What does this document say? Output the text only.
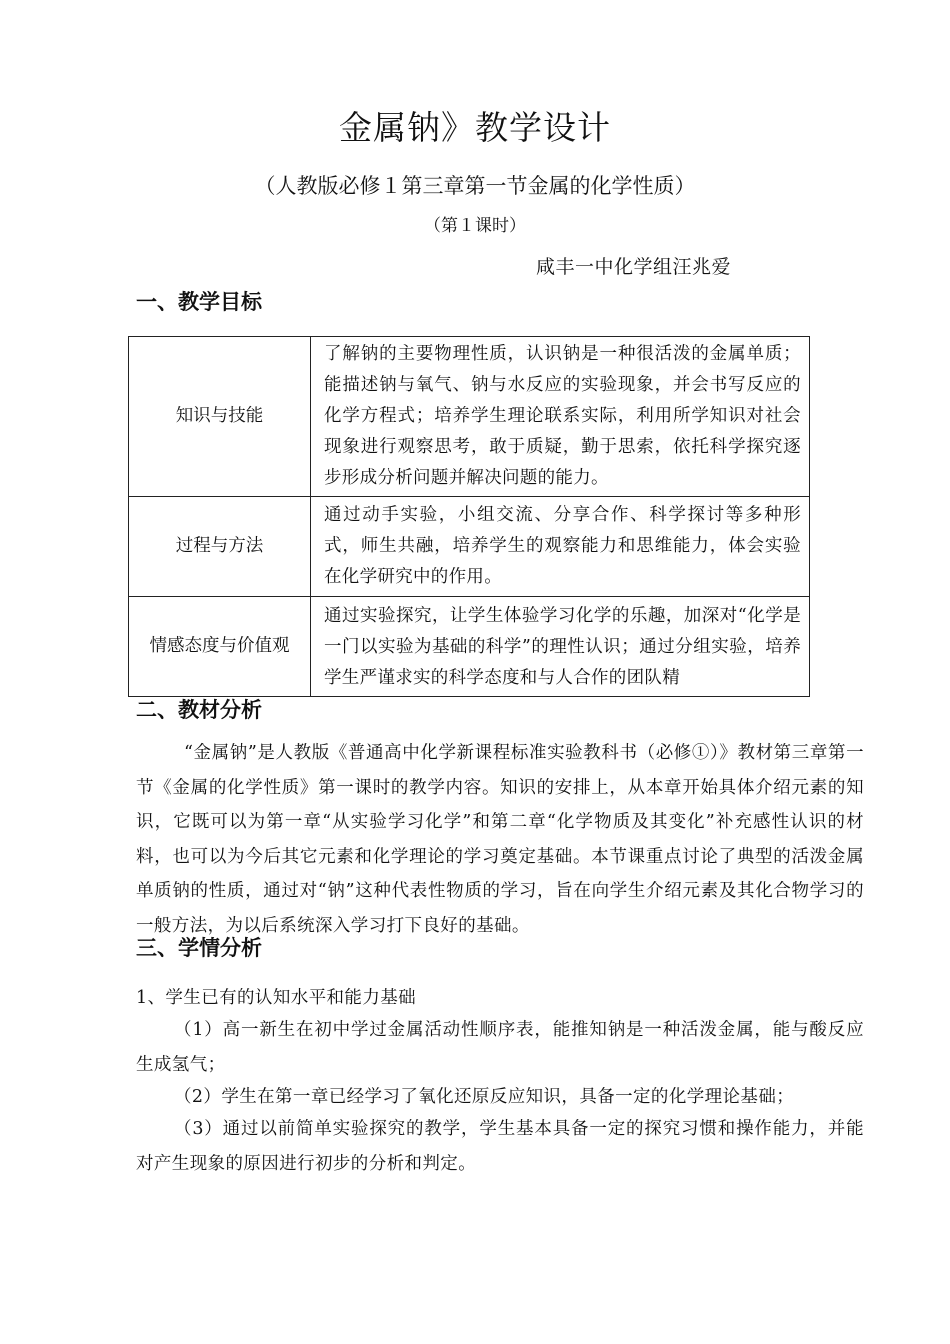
金属钠》教学设计
（人教版必修１第三章第一节金属的化学性质）
（第１课时）
咸丰一中化学组汪兆爱
一、教学目标
知识与技能	了解钠的主要物理性质，认识钠是一种很活泼的金属单质；能描述钠与氧气、钠与水反应的实验现象，并会书写反应的化学方程式；培养学生理论联系实际，利用所学知识对社会现象进行观察思考，敢于质疑，勤于思索，依托科学探究逐步形成分析问题并解决问题的能力。
过程与方法	通过动手实验，小组交流、分享合作、科学探讨等多种形式，师生共融，培养学生的观察能力和思维能力，体会实验在化学研究中的作用。
情感态度与价值观	通过实验探究，让学生体验学习化学的乐趣，加深对“化学是一门以实验为基础的科学”的理性认识；通过分组实验，培养学生严谨求实的科学态度和与人合作的团队精
二、教材分析
“金属钠”是人教版《普通高中化学新课程标准实验教科书（必修①）》教材第三章第一节《金属的化学性质》第一课时的教学内容。知识的安排上，从本章开始具体介绍元素的知识，它既可以为第一章“从实验学习化学”和第二章“化学物质及其变化”补充感性认识的材料，也可以为今后其它元素和化学理论的学习奠定基础。本节课重点讨论了典型的活泼金属单质钠的性质，通过对“钠”这种代表性物质的学习，旨在向学生介绍元素及其化合物学习的一般方法，为以后系统深入学习打下良好的基础。
三、学情分析
1、学生已有的认知水平和能力基础
（1）高一新生在初中学过金属活动性顺序表，能推知钠是一种活泼金属，能与酸反应生成氢气；
（2）学生在第一章已经学习了氧化还原反应知识，具备一定的化学理论基础；
（3）通过以前简单实验探究的教学，学生基本具备一定的探究习惯和操作能力，并能对产生现象的原因进行初步的分析和判定。
